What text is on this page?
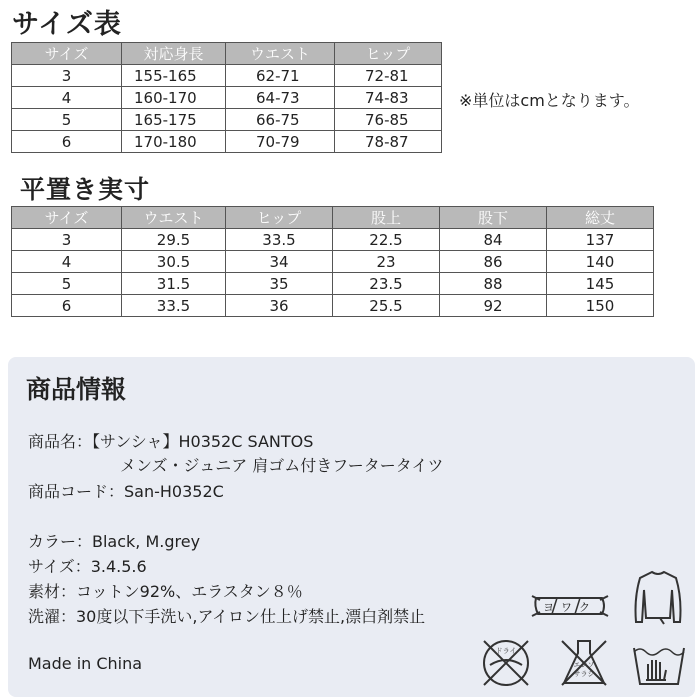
サイズ表
サイズ	対応身長	ウエスト	ヒップ
3	155-165	62-71	72-81
4	160-170	64-73	74-83
5	165-175	66-75	76-85
6	170-180	70-79	78-87
※単位はcmとなります。
平置き実寸
サイズ	ウエスト	ヒップ	股上	股下	総丈
3	29.5	33.5	22.5	84	137
4	30.5	34	23	86	140
5	31.5	35	23.5	88	145
6	33.5	36	25.5	92	150
商品情報
商品名：【サンシャ】H0352C SANTOS
メンズ・ジュニア 肩ゴム付きフータータイツ
商品コード：San-H0352C
カラー：Black, M.grey
サイズ：3.4.5.6
素材：コットン92%、エラスタン８％
洗濯：30度以下手洗い,アイロン仕上げ禁止,漂白剤禁止
Made in China
ヨワク
ドライ
エンソ
サラシ
